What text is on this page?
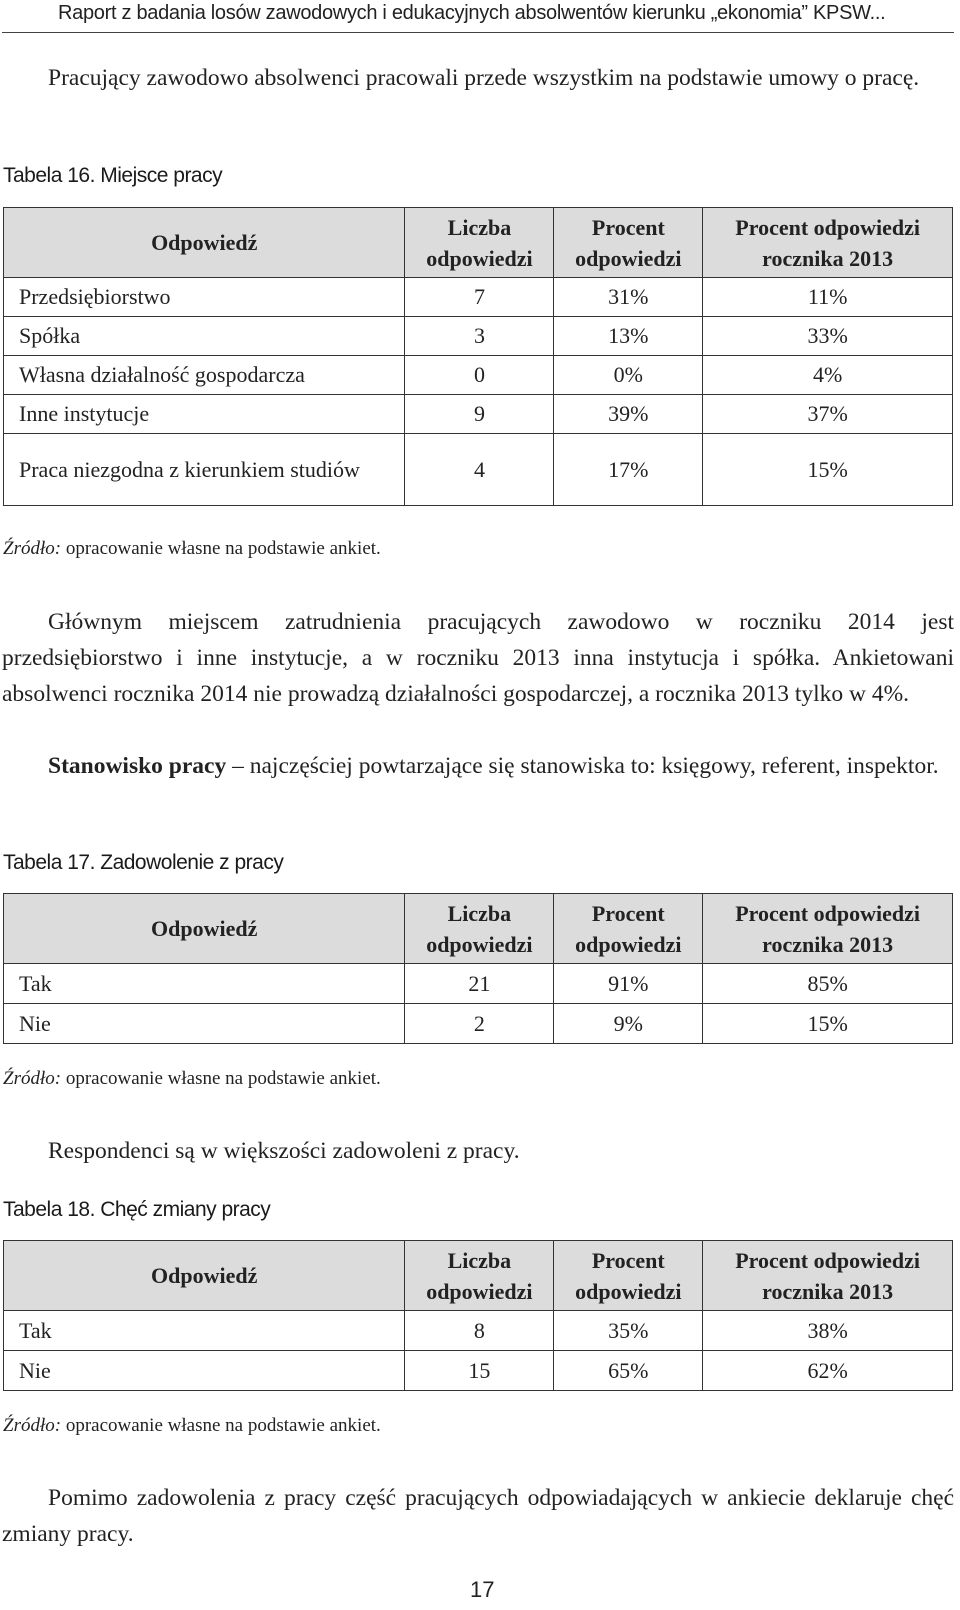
Raport z badania losów zawodowych i edukacyjnych absolwentów kierunku „ekonomia” KPSW...

Pracujący zawodowo absolwenci pracowali przede wszystkim na podstawie umowy o pracę.

Tabela 16. Miejsce pracy
Odpowiedź	Liczba odpowiedzi	Procent odpowiedzi	Procent odpowiedzi rocznika 2013
Przedsiębiorstwo	7	31%	11%
Spółka	3	13%	33%
Własna działalność gospodarcza	0	0%	4%
Inne instytucje	9	39%	37%
Praca niezgodna z kierunkiem studiów	4	17%	15%
Źródło: opracowanie własne na podstawie ankiet.

Głównym miejscem zatrudnienia pracujących zawodowo w roczniku 2014 jest przedsiębiorstwo i inne instytucje, a w roczniku 2013 inna instytucja i spółka. Ankietowani absolwenci rocznika 2014 nie prowadzą działalności gospodarczej, a rocznika 2013 tylko w 4%.

Stanowisko pracy – najczęściej powtarzające się stanowiska to: księgowy, referent, inspektor.

Tabela 17. Zadowolenie z pracy
Odpowiedź	Liczba odpowiedzi	Procent odpowiedzi	Procent odpowiedzi rocznika 2013
Tak	21	91%	85%
Nie	2	9%	15%
Źródło: opracowanie własne na podstawie ankiet.

Respondenci są w większości zadowoleni z pracy.

Tabela 18. Chęć zmiany pracy
Odpowiedź	Liczba odpowiedzi	Procent odpowiedzi	Procent odpowiedzi rocznika 2013
Tak	8	35%	38%
Nie	15	65%	62%
Źródło: opracowanie własne na podstawie ankiet.

Pomimo zadowolenia z pracy część pracujących odpowiadających w ankiecie deklaruje chęć zmiany pracy.

17
